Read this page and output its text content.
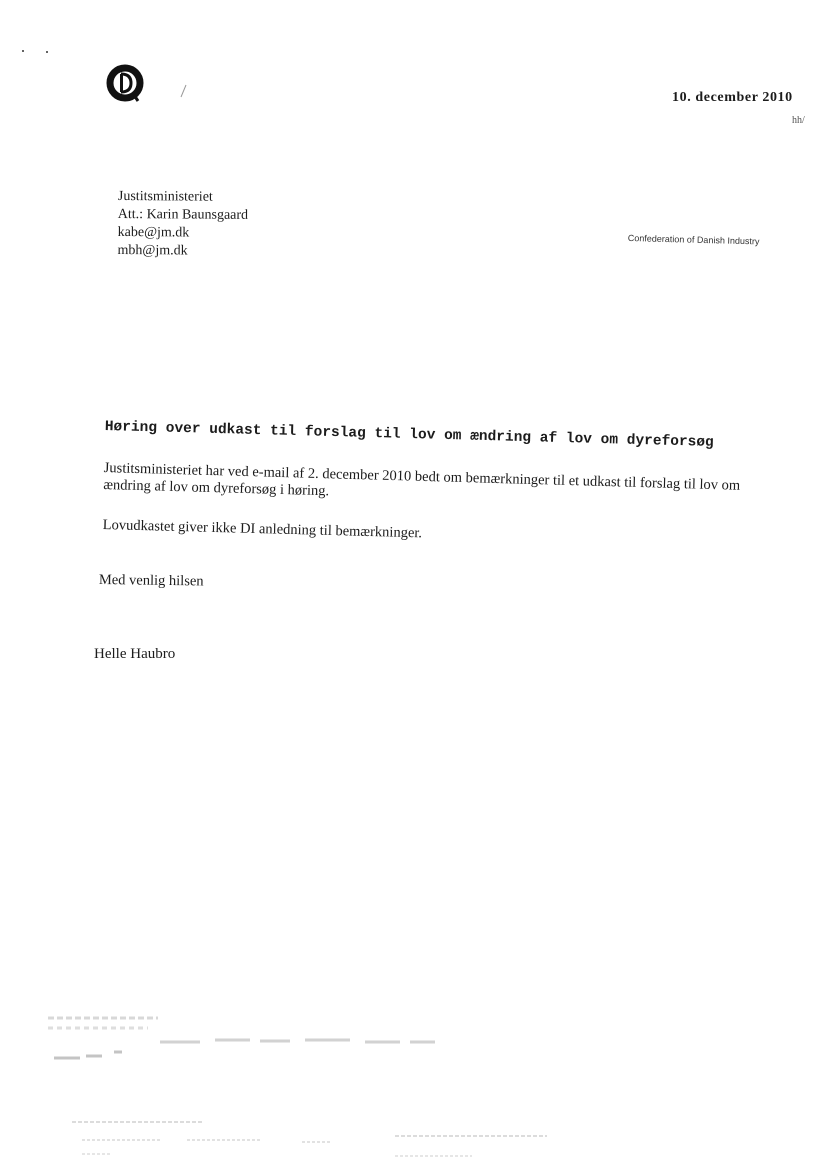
10. december 2010
hh/
Justitsministeriet
Att.: Karin Baunsgaard
kabe@jm.dk
mbh@jm.dk
Confederation of Danish Industry
Høring over udkast til forslag til lov om ændring af lov om dyreforsøg
Justitsministeriet har ved e-mail af 2. december 2010 bedt om bemærkninger til et udkast til forslag til lov om ændring af lov om dyreforsøg i høring.
Lovudkastet giver ikke DI anledning til bemærkninger.
Med venlig hilsen
Helle Haubro
